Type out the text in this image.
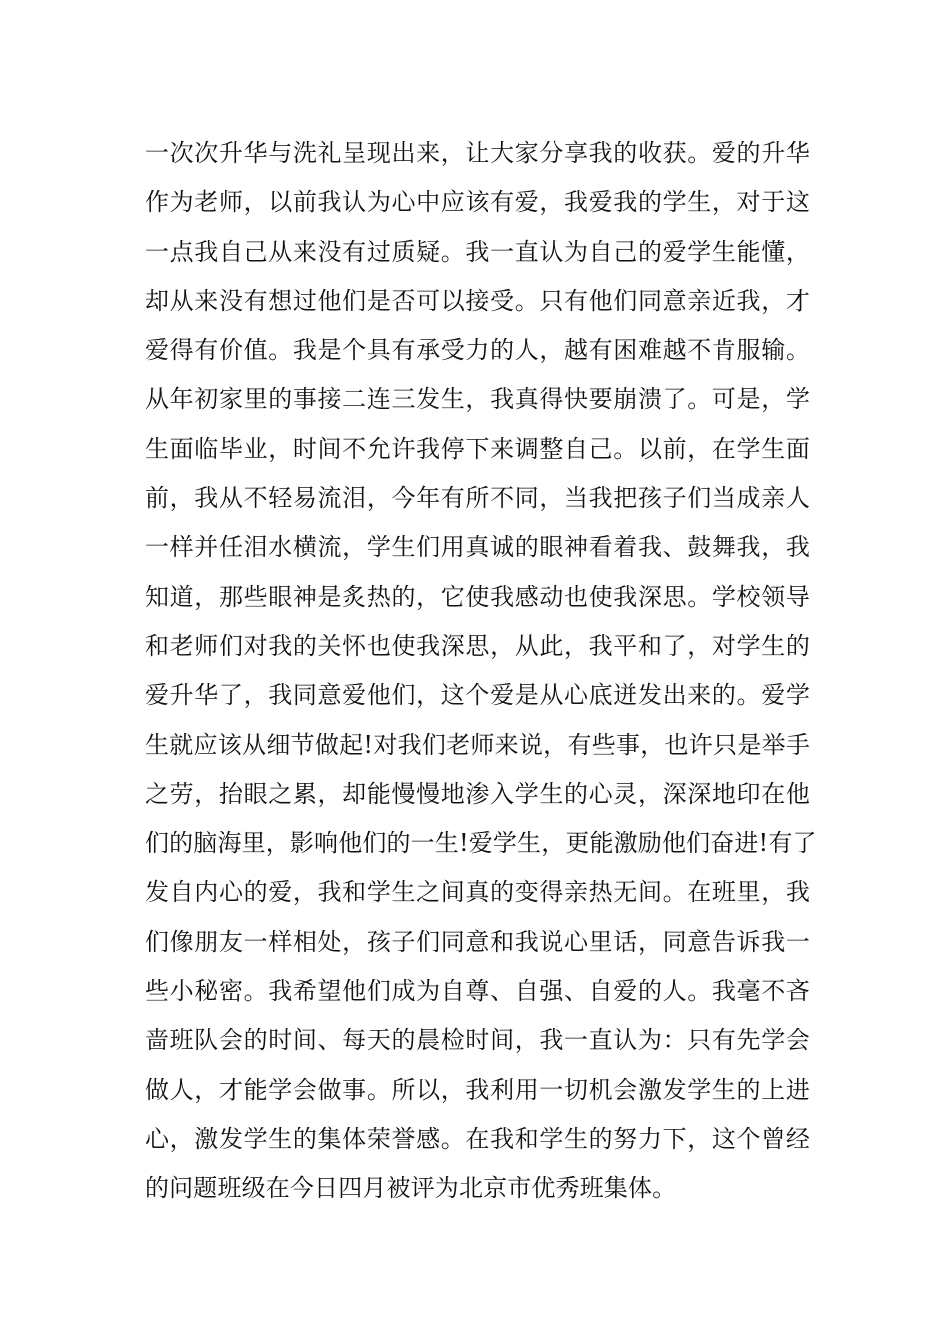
一次次升华与洗礼呈现出来，让大家分享我的收获。爱的升华
作为老师，以前我认为心中应该有爱，我爱我的学生，对于这
一点我自己从来没有过质疑。我一直认为自己的爱学生能懂，
却从来没有想过他们是否可以接受。只有他们同意亲近我，才
爱得有价值。我是个具有承受力的人，越有困难越不肯服输。
从年初家里的事接二连三发生，我真得快要崩溃了。可是，学
生面临毕业，时间不允许我停下来调整自己。以前，在学生面
前，我从不轻易流泪，今年有所不同，当我把孩子们当成亲人
一样并任泪水横流，学生们用真诚的眼神看着我、鼓舞我，我
知道，那些眼神是炙热的，它使我感动也使我深思。学校领导
和老师们对我的关怀也使我深思，从此，我平和了，对学生的
爱升华了，我同意爱他们，这个爱是从心底迸发出来的。爱学
生就应该从细节做起!对我们老师来说，有些事，也许只是举手
之劳，抬眼之累，却能慢慢地渗入学生的心灵，深深地印在他
们的脑海里，影响他们的一生!爱学生，更能激励他们奋进!有了
发自内心的爱，我和学生之间真的变得亲热无间。在班里，我
们像朋友一样相处，孩子们同意和我说心里话，同意告诉我一
些小秘密。我希望他们成为自尊、自强、自爱的人。我毫不吝
啬班队会的时间、每天的晨检时间，我一直认为：只有先学会
做人，才能学会做事。所以，我利用一切机会激发学生的上进
心，激发学生的集体荣誉感。在我和学生的努力下，这个曾经
的问题班级在今日四月被评为北京市优秀班集体。
